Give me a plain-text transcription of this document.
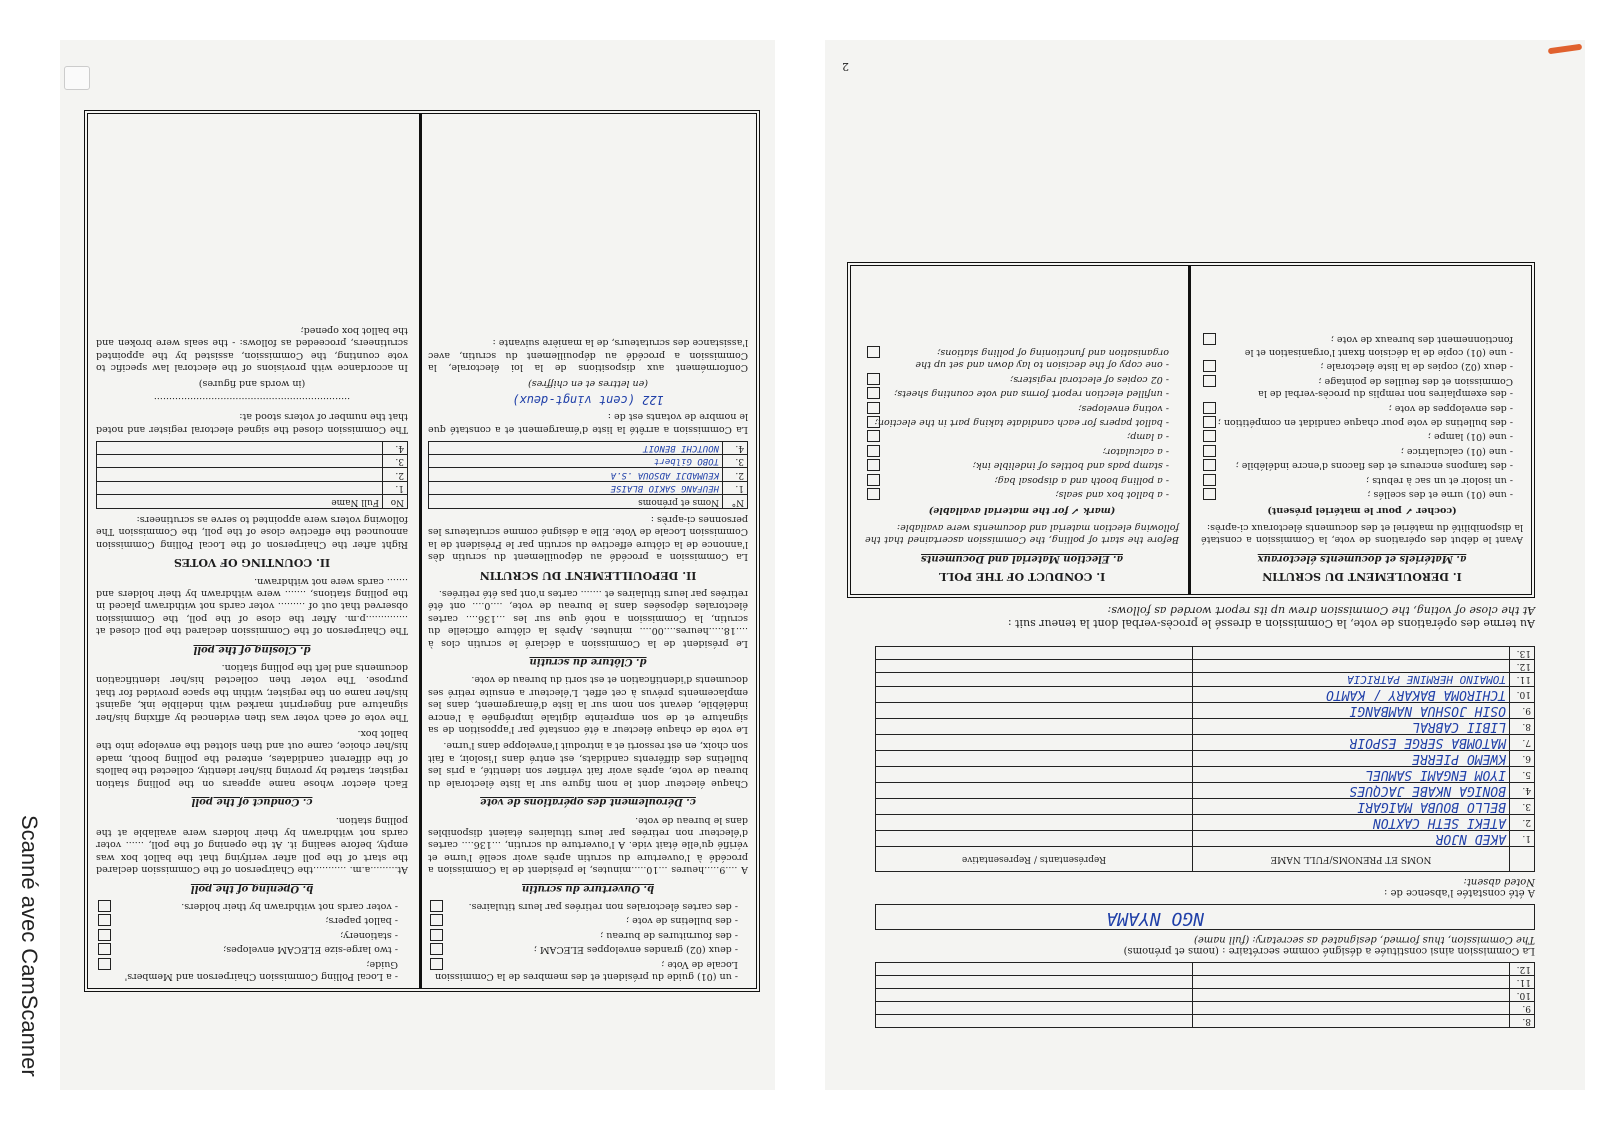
Scanné avec CamScanner
2
- un (01) guide du président et des membres de la Commission Locale de Vote ;
- deux (02) grandes enveloppes ELECAM ;
- des fournitures de bureau ;
- des bulletins de vote ;
- des cartes électorales non retirées par leurs titulaires.
b. Ouverture du scrutin

A ....9.....heures ...10.....minutes, le président de la Commission a procédé à l'ouverture du scrutin après avoir scellé l'urne et vérifié qu'elle était vide. A l'ouverture du scrutin, ...136.... cartes d'électeur non retirées par leurs titulaires étaient disponibles dans le bureau de vote.

c. Déroulement des opérations de vote

Chaque électeur dont le nom figure sur la liste électorale du bureau de vote, après avoir fait vérifier son identité, a pris les bulletins des différents candidats, est entré dans l'isoloir, a fait son choix, en est ressorti et a introduit l'enveloppe dans l'urne.

Le vote de chaque électeur a été constaté par l'apposition de sa signature et de son empreinte digitale imprégnée à l'encre indélébile, devant son nom sur la liste d'émargement, dans les emplacements prévus à cet effet. L'électeur a ensuite retiré ses documents d'identification et est sorti du bureau de vote.

d. Clôture du scrutin

Le président de la Commission a déclaré le scrutin clos à ....18.....heures....00.... minutes. Après la clôture officielle du scrutin, la Commission a noté que sur les ...136.... cartes électorales déposées dans le bureau de vote, ....0.... ont été retirées par leurs titulaires et ....... cartes n'ont pas été retirées.

II. DEPOUILLEMENT DU SCRUTIN

La Commission a procédé au dépouillement du scrutin dès l'annonce de la clôture effective du scrutin par le Président de la Commission Locale de Vote. Elle a désigné comme scrutateurs les personnes ci-après :

N°	Noms et prénoms
1.	HEUFANG SAKIO BLAISE
2.	KEUMADJI ADSOUA .S.A
3.	TOBO Gilbert
4.	NOUTCHI BENOIT

La Commission a arrêté la liste d'émargement et a constaté que le nombre de votants est de :

122 (cent vingt-deux)

(en lettres et en chiffres)

Conformément aux dispositions de la loi électorale, la Commission a procédé au dépouillement du scrutin, avec l'assistance des scrutateurs, de la manière suivante :

- a Local Polling Commission Chairperson and Members' Guide;
- two large-size ELECAM envelopes;
- stationery;
- ballot papers;
- voter cards not withdrawn by their holders.
b. Opening of the poll

At.........a.m. ...........the Chairperson of the Commission declared the start of the poll after verifying that the ballot box was empty, before sealing it. At the opening of the poll, ...... voter cards not withdrawn by their holders were available at the polling station.

c. Conduct of the poll

Each elector whose name appears on the polling station register, started by proving his/her identity, collected the ballots of the different candidates, entered the polling booth, made his/her choice, came out and then slotted the envelope into the ballot box.

The vote of each voter was then evidenced by affixing his/her signature and fingerprint marked with indelible ink, against his/her name on the register, within the space provided for that purpose. The voter then collected his/her identification documents and left the polling station.

d. Closing of the poll

The Chairperson of the Commission declared the poll closed at ..............p.m. After the close of the poll, the Commission observed that out of ......... voter cards not withdrawn placed in the polling stations, ....... were withdrawn by their holders and ....... cards were not withdrawn.

II. COUNTING OF VOTES

Right after the Chairperson of the Local Polling Commission announced the effective close of the poll, the Commission The following voters were appointed to serve as scrutineers:

No	Full Name
1.	
2.	
3.	
4.	

The Commission closed the signed electoral register and noted that the number of voters stood at:

.................................................................

(in words and figures)

In accordance with provisions of the electoral law specific to vote counting, the Commission, assisted by the appointed scrutineers, proceeded as follows: - the seals were broken and the ballot box opened;

8.		
9.		
10.		
11.		
12.		

La Commission ainsi constituée a désigné comme secrétaire : (noms et prénoms)

The Commission, thus formed, designated as secretary: (full name)

NGO NYAMA

A été constatée l'absence de :

Noted absent:

	NOMS ET PRENOMS/FULL NAME	Représentants / Representative
1.	AKED NJOR	
2.	ATEKI SETH CAXTON	
3.	BELLO BOUBA MAIGARI	
4.	BONIGA NKABE JACQUES	
5.	IYOM ENGAMI SAMUEL	
6.	KWEMO PIERRE	
7.	MATOMBA SERGE ESPOIR	
8.	LIBII CABRAL	
9.	OSIH JOSHUA NAMBANGI	
10.	TCHIROMA BAKARY / KAMTO	
11.	TOMAINO HERMINE PATRICIA	
12.		
13.		

Au terme des opérations de vote, la Commission a dressé le procès-verbal dont la teneur suit :

At the close of voting, the Commission drew up its report worded as follows:

I. DEROULEMENT DU SCRUTIN
a. Matériels et documents électoraux

Avant le début des opérations de vote, la Commission a constaté la disponibilité du matériel et des documents électoraux ci-après:

(cocher ✓ pour le matériel présent)

- une (01) urne et des scellés ;
- un isoloir et un sac à rebuts ;
- des tampons encreurs et des flacons d'encre indélébile ;
- une (01) calculatrice ;
- une (01) lampe ;
- des bulletins de vote pour chaque candidat en compétition ;
- des enveloppes de vote ;
- des exemplaires non remplis du procès-verbal de la Commission et des feuilles de pointage ;
- deux (02) copies de la liste électorale ;
- une (01) copie de la décision fixant l'organisation et le fonctionnement des bureaux de vote ;
I. CONDUCT OF THE POLL
a. Election Material and Documents

Before the start of polling, the Commission ascertained that the following election material and documents were available:

(mark ✓ for the material available)

- a ballot box and seals;
- a polling booth and a disposal bag;
- stamp pads and bottles of indelible ink;
- a calculator;
- a lamp;
- ballot papers for each candidate taking part in the election;
- voting envelopes;
- unfilled election report forms and vote counting sheets;
- 02 copies of electoral registers;
- one copy of the decision to lay down and set up the organisation and functioning of polling stations;
